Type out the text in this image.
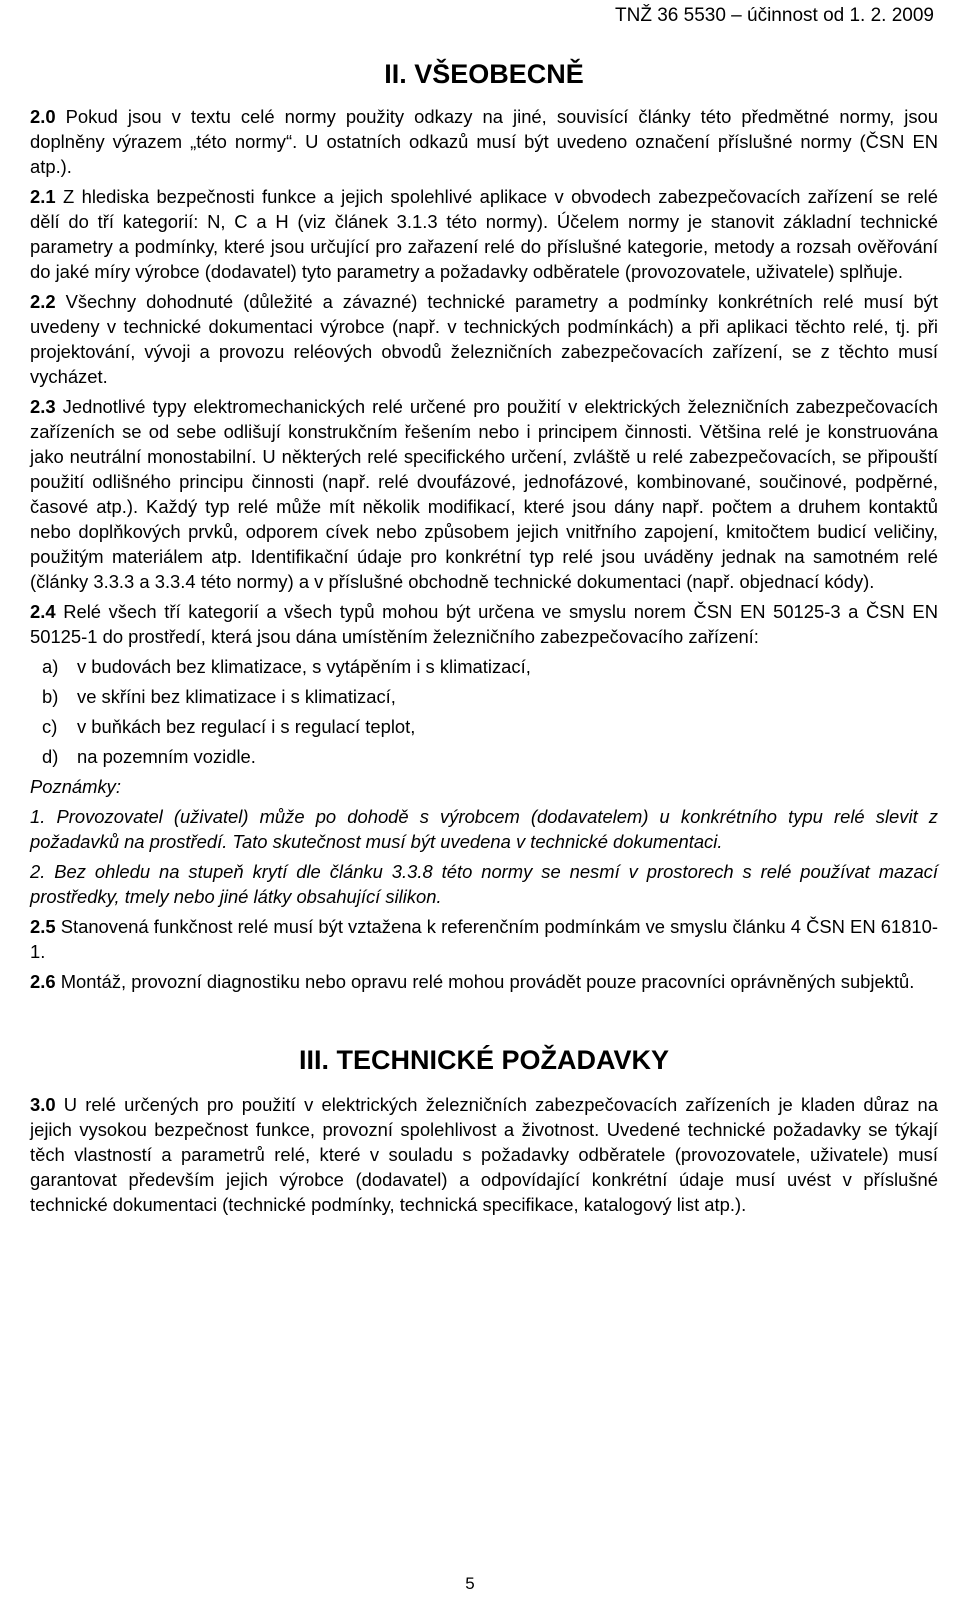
TNŽ 36 5530 – účinnost od 1. 2. 2009
II. VŠEOBECNĚ

2.0 Pokud jsou v textu celé normy použity odkazy na jiné, souvisící články této předmětné normy, jsou doplněny výrazem „této normy“. U ostatních odkazů musí být uvedeno označení příslušné normy (ČSN EN atp.).

2.1 Z hlediska bezpečnosti funkce a jejich spolehlivé aplikace v obvodech zabezpečovacích zařízení se relé dělí do tří kategorií: N, C a H (viz článek 3.1.3 této normy). Účelem normy je stanovit základní technické parametry a podmínky, které jsou určující pro zařazení relé do příslušné kategorie, metody a rozsah ověřování do jaké míry výrobce (dodavatel) tyto parametry a požadavky odběratele (provozovatele, uživatele) splňuje.

2.2 Všechny dohodnuté (důležité a závazné) technické parametry a podmínky konkrétních relé musí být uvedeny v technické dokumentaci výrobce (např. v technických podmínkách) a při aplikaci těchto relé, tj. při projektování, vývoji a provozu reléových obvodů železničních zabezpečovacích zařízení, se z těchto musí vycházet.

2.3 Jednotlivé typy elektromechanických relé určené pro použití v elektrických železničních zabezpečovacích zařízeních se od sebe odlišují konstrukčním řešením nebo i principem činnosti. Většina relé je konstruována jako neutrální monostabilní. U některých relé specifického určení, zvláště u relé zabezpečovacích, se připouští použití odlišného principu činnosti (např. relé dvoufázové, jednofázové, kombinované, součinové, podpěrné, časové atp.). Každý typ relé může mít několik modifikací, které jsou dány např. počtem a druhem kontaktů nebo doplňkových prvků, odporem cívek nebo způsobem jejich vnitřního zapojení, kmitočtem budicí veličiny, použitým materiálem atp. Identifikační údaje pro konkrétní typ relé jsou uváděny jednak na samotném relé (články 3.3.3 a 3.3.4 této normy) a v příslušné obchodně technické dokumentaci (např. objednací kódy).

2.4 Relé všech tří kategorií a všech typů mohou být určena ve smyslu norem ČSN EN 50125-3 a ČSN EN 50125-1 do prostředí, která jsou dána umístěním železničního zabezpečovacího zařízení:

a) v budovách bez klimatizace, s vytápěním i s klimatizací,
b) ve skříni bez klimatizace i s klimatizací,
c) v buňkách bez regulací i s regulací teplot,
d) na pozemním vozidle.

Poznámky:

1. Provozovatel (uživatel) může po dohodě s výrobcem (dodavatelem) u konkrétního typu relé slevit z požadavků na prostředí. Tato skutečnost musí být uvedena v technické dokumentaci.

2. Bez ohledu na stupeň krytí dle článku 3.3.8 této normy se nesmí v prostorech s relé používat mazací prostředky, tmely nebo jiné látky obsahující silikon.

2.5 Stanovená funkčnost relé musí být vztažena k referenčním podmínkám ve smyslu článku 4 ČSN EN 61810-1.

2.6 Montáž, provozní diagnostiku nebo opravu relé mohou provádět pouze pracovníci oprávněných subjektů.

III. TECHNICKÉ POŽADAVKY

3.0 U relé určených pro použití v elektrických železničních zabezpečovacích zařízeních je kladen důraz na jejich vysokou bezpečnost funkce, provozní spolehlivost a životnost. Uvedené technické požadavky se týkají těch vlastností a parametrů relé, které v souladu s požadavky odběratele (provozovatele, uživatele) musí garantovat především jejich výrobce (dodavatel) a odpovídající konkrétní údaje musí uvést v příslušné technické dokumentaci (technické podmínky, technická specifikace, katalogový list atp.).

5
